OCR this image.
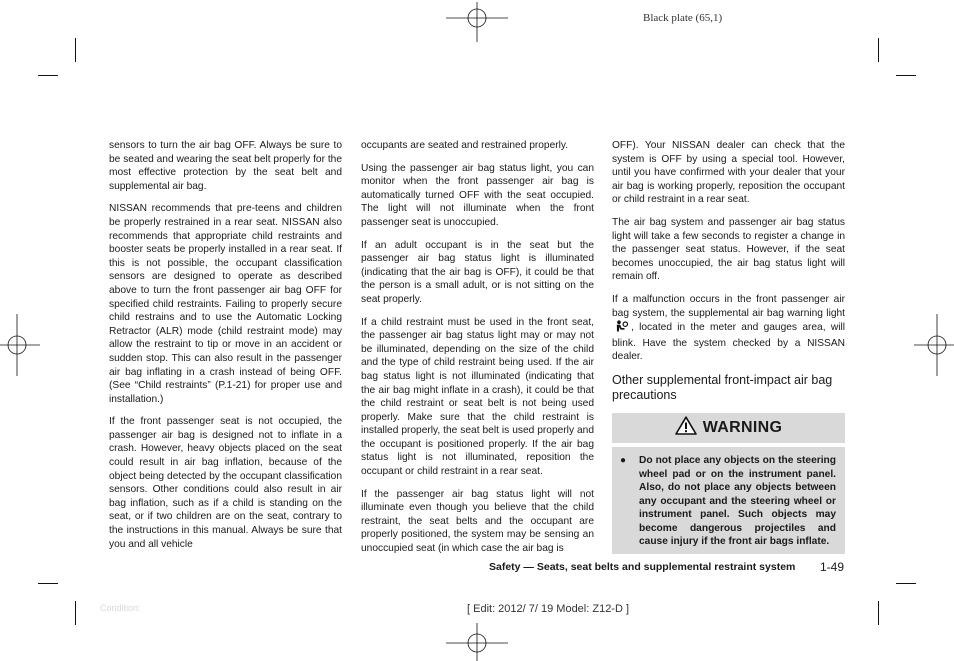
Black plate (65,1)

sensors to turn the air bag OFF. Always be sure to be seated and wearing the seat belt properly for the most effective protection by the seat belt and supplemental air bag.

NISSAN recommends that pre-teens and children be properly restrained in a rear seat. NISSAN also recommends that appropriate child restraints and booster seats be properly installed in a rear seat. If this is not possible, the occupant classification sensors are designed to operate as described above to turn the front passenger air bag OFF for specified child restraints. Failing to properly secure child restrains and to use the Automatic Locking Retractor (ALR) mode (child restraint mode) may allow the restraint to tip or move in an accident or sudden stop. This can also result in the passenger air bag inflating in a crash instead of being OFF. (See “Child restraints” (P.1-21) for proper use and installation.)

If the front passenger seat is not occupied, the passenger air bag is designed not to inflate in a crash. However, heavy objects placed on the seat could result in air bag inflation, because of the object being detected by the occupant classification sensors. Other conditions could also result in air bag inflation, such as if a child is standing on the seat, or if two children are on the seat, contrary to the instructions in this manual. Always be sure that you and all vehicle

occupants are seated and restrained properly.

Using the passenger air bag status light, you can monitor when the front passenger air bag is automatically turned OFF with the seat occupied. The light will not illuminate when the front passenger seat is unoccupied.

If an adult occupant is in the seat but the passenger air bag status light is illuminated (indicating that the air bag is OFF), it could be that the person is a small adult, or is not sitting on the seat properly.

If a child restraint must be used in the front seat, the passenger air bag status light may or may not be illuminated, depending on the size of the child and the type of child restraint being used. If the air bag status light is not illuminated (indicating that the air bag might inflate in a crash), it could be that the child restraint or seat belt is not being used properly. Make sure that the child restraint is installed properly, the seat belt is used properly and the occupant is positioned properly. If the air bag status light is not illuminated, reposition the occupant or child restraint in a rear seat.

If the passenger air bag status light will not illuminate even though you believe that the child restraint, the seat belts and the occupant are properly positioned, the system may be sensing an unoccupied seat (in which case the air bag is

OFF). Your NISSAN dealer can check that the system is OFF by using a special tool. However, until you have confirmed with your dealer that your air bag is working properly, reposition the occupant or child restraint in a rear seat.

The air bag system and passenger air bag status light will take a few seconds to register a change in the passenger seat status. However, if the seat becomes unoccupied, the air bag status light will remain off.

If a malfunction occurs in the front passenger air bag system, the supplemental air bag warning light, located in the meter and gauges area, will blink. Have the system checked by a NISSAN dealer.

Other supplemental front-impact air bag precautions
WARNING
●	Do not place any objects on the steering wheel pad or on the instrument panel. Also, do not place any objects between any occupant and the steering wheel or instrument panel. Such objects may become dangerous projectiles and cause injury if the front air bags inflate.
Safety — Seats, seat belts and supplemental restraint system 1-49
Condition:	[ Edit: 2012/ 7/ 19 Model: Z12-D ]
